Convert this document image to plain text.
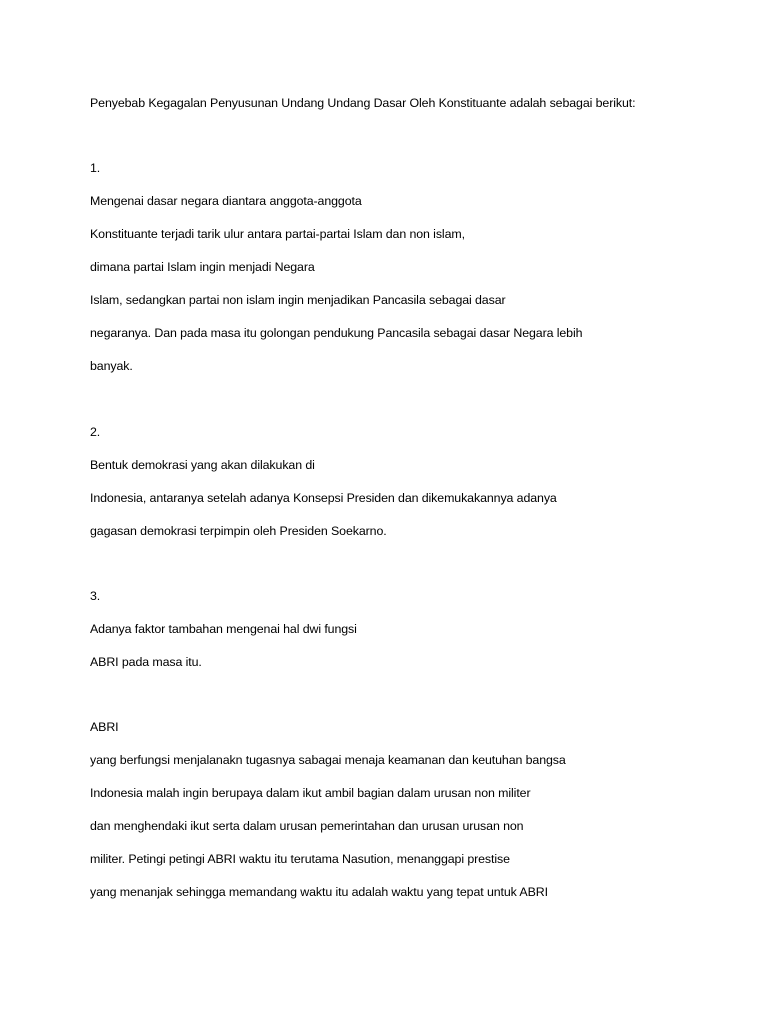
Penyebab Kegagalan Penyusunan Undang Undang Dasar Oleh Konstituante adalah sebagai berikut:
1.
Mengenai dasar negara diantara anggota-anggota
Konstituante terjadi tarik ulur antara partai-partai Islam dan non islam,
dimana partai Islam ingin menjadi Negara
Islam, sedangkan partai non islam ingin menjadikan Pancasila sebagai dasar
negaranya. Dan pada masa itu golongan pendukung Pancasila sebagai dasar Negara lebih
banyak.
2.
Bentuk demokrasi yang akan dilakukan di
Indonesia, antaranya setelah adanya Konsepsi Presiden dan dikemukakannya adanya
gagasan demokrasi terpimpin oleh Presiden Soekarno.
3.
Adanya faktor tambahan mengenai hal dwi fungsi
ABRI pada masa itu.
ABRI
yang berfungsi menjalanakn tugasnya sabagai menaja keamanan dan keutuhan bangsa
Indonesia malah ingin berupaya dalam ikut ambil bagian dalam urusan non militer
dan menghendaki ikut serta dalam urusan pemerintahan dan urusan urusan non
militer. Petingi petingi ABRI waktu itu terutama Nasution, menanggapi prestise
yang menanjak sehingga memandang waktu itu adalah waktu yang tepat untuk ABRI
